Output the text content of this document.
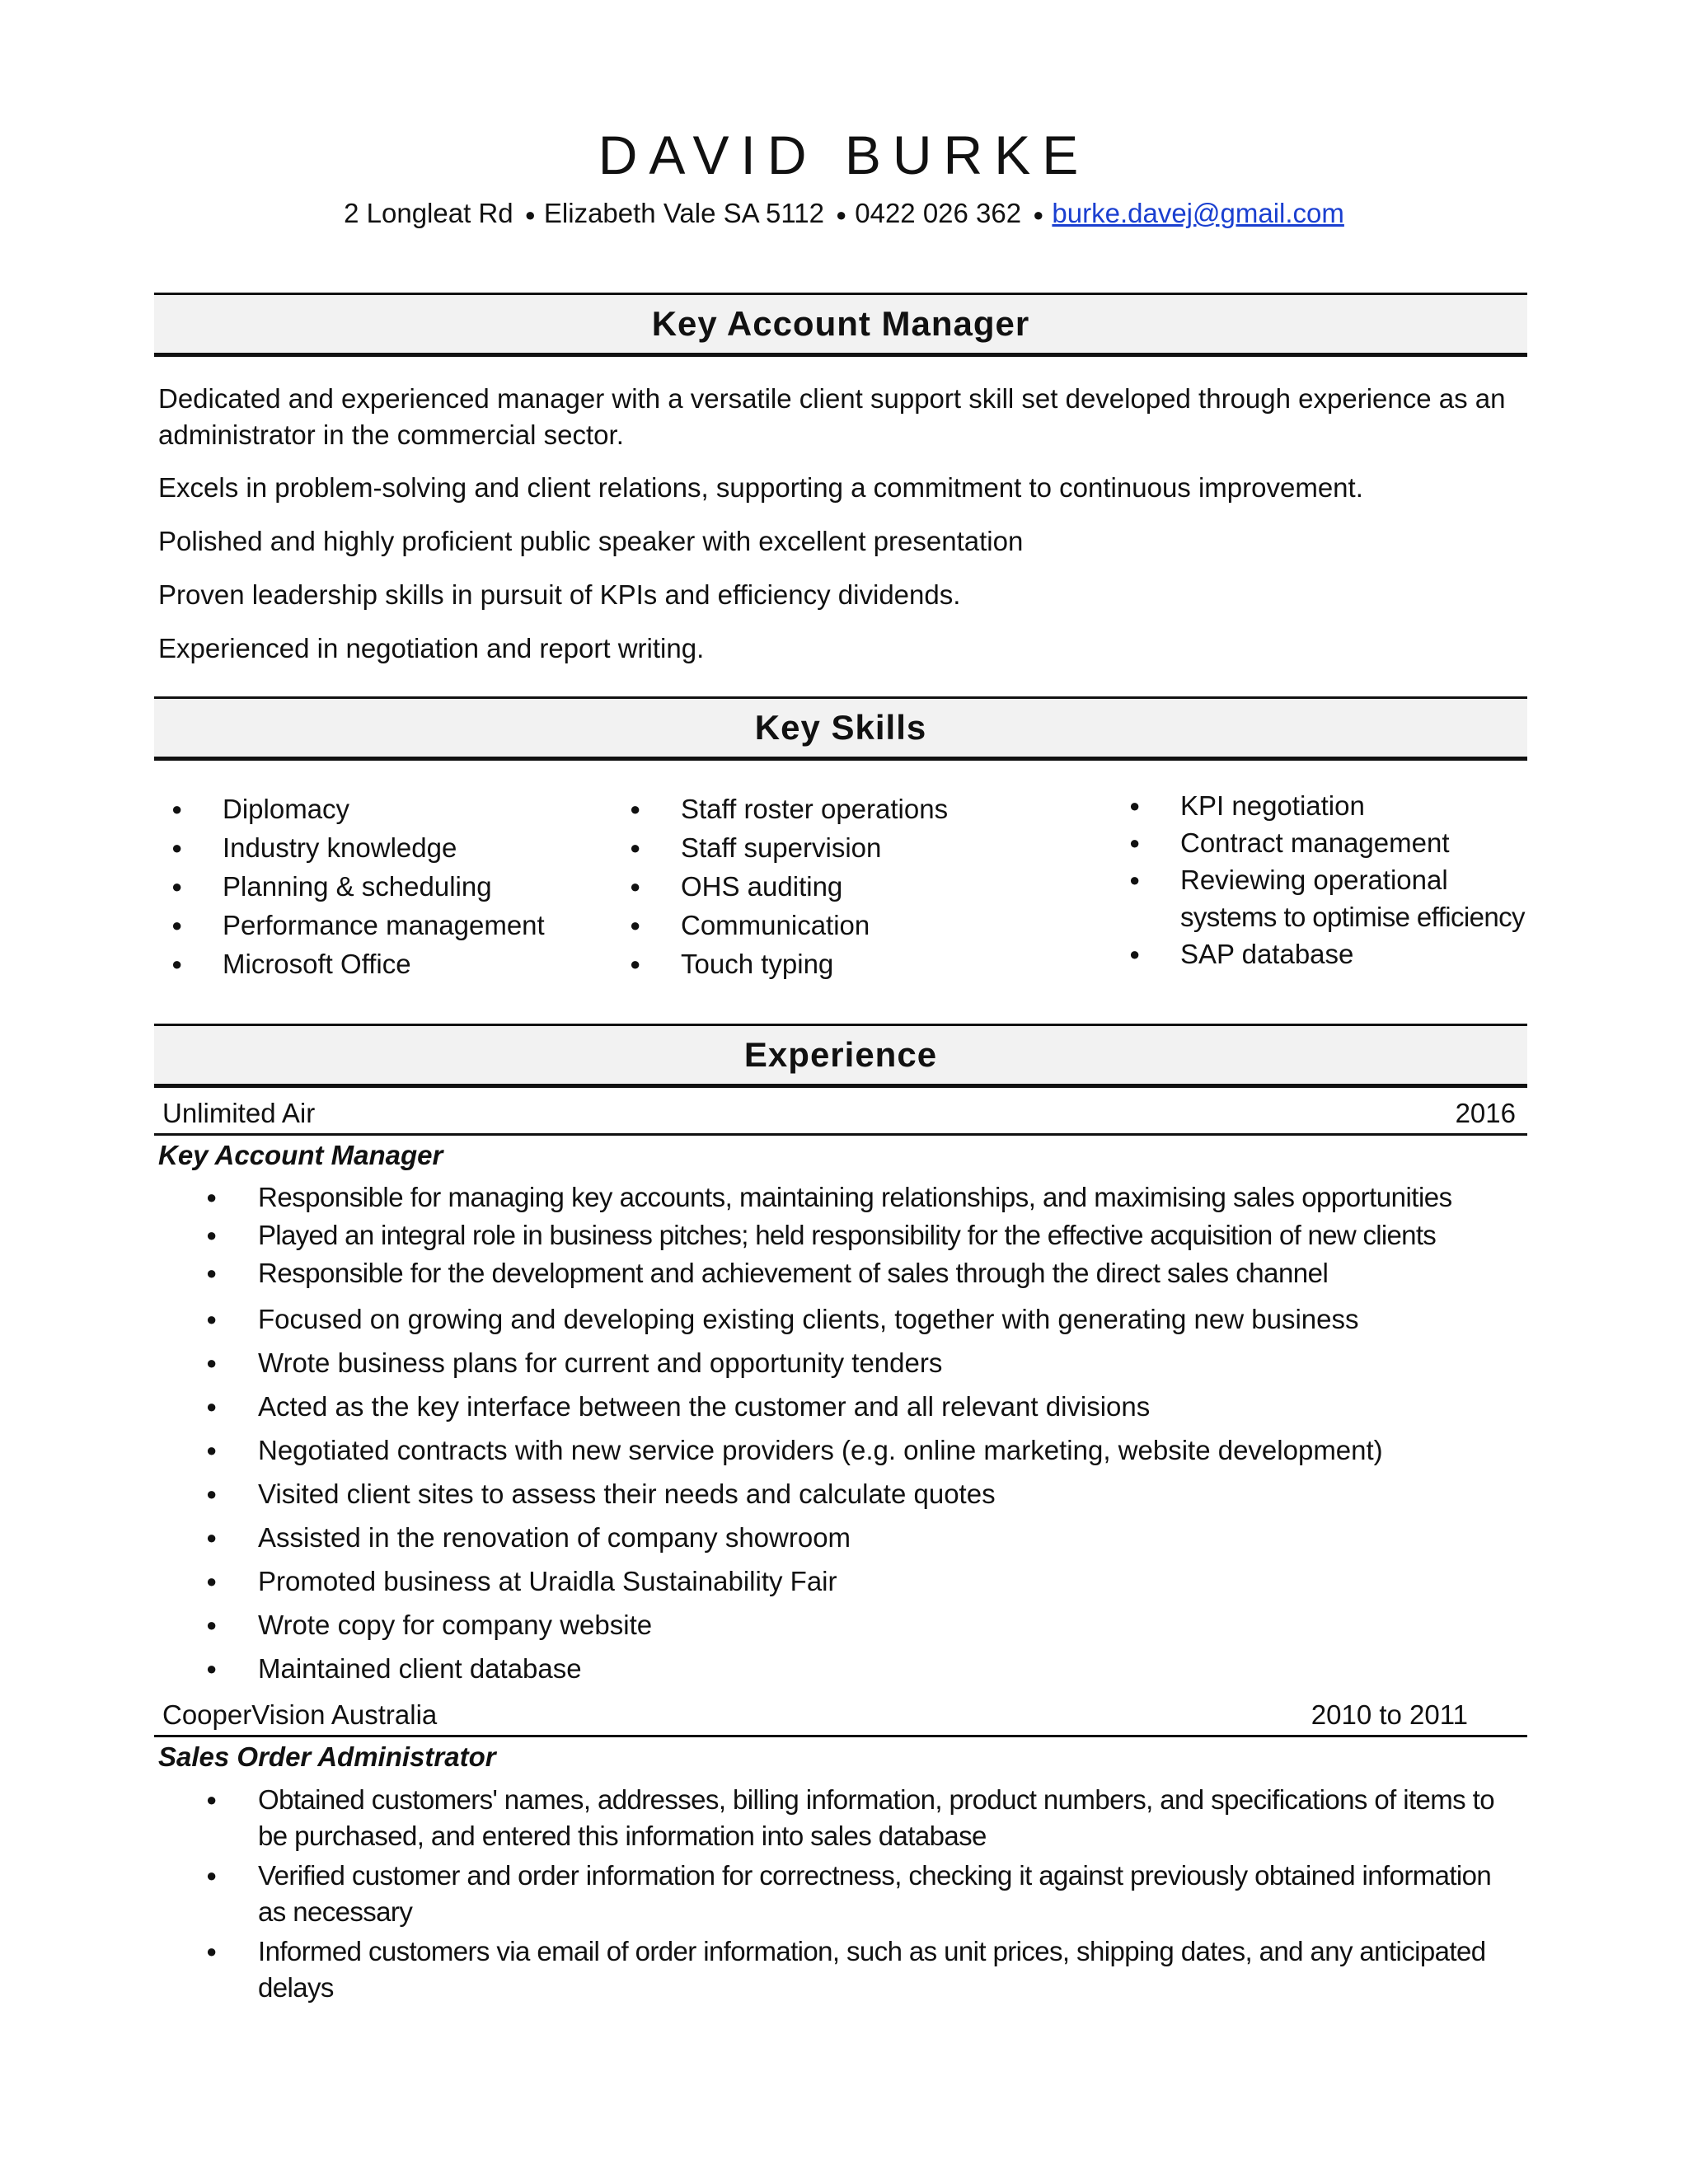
DAVID BURKE
2 Longleat Rd ● Elizabeth Vale SA 5112 ● 0422 026 362 ● burke.davej@gmail.com
Key Account Manager
Dedicated and experienced manager with a versatile client support skill set developed through experience as an administrator in the commercial sector.
Excels in problem-solving and client relations, supporting a commitment to continuous improvement.
Polished and highly proficient public speaker with excellent presentation
Proven leadership skills in pursuit of KPIs and efficiency dividends.
Experienced in negotiation and report writing.
Key Skills
● Diplomacy
● Industry knowledge
● Planning & scheduling
● Performance management
● Microsoft Office
● Staff roster operations
● Staff supervision
● OHS auditing
● Communication
● Touch typing
● KPI negotiation
● Contract management
● Reviewing operational
systems to optimise efficiency
● SAP database
Experience
Unlimited Air	2016
Key Account Manager
● Responsible for managing key accounts, maintaining relationships, and maximising sales opportunities
● Played an integral role in business pitches; held responsibility for the effective acquisition of new clients
● Responsible for the development and achievement of sales through the direct sales channel
● Focused on growing and developing existing clients, together with generating new business
● Wrote business plans for current and opportunity tenders
● Acted as the key interface between the customer and all relevant divisions
● Negotiated contracts with new service providers (e.g. online marketing, website development)
● Visited client sites to assess their needs and calculate quotes
● Assisted in the renovation of company showroom
● Promoted business at Uraidla Sustainability Fair
● Wrote copy for company website
● Maintained client database
CooperVision Australia	2010 to 2011
Sales Order Administrator
● Obtained customers' names, addresses, billing information, product numbers, and specifications of items to be purchased, and entered this information into sales database
● Verified customer and order information for correctness, checking it against previously obtained information as necessary
● Informed customers via email of order information, such as unit prices, shipping dates, and any anticipated delays
